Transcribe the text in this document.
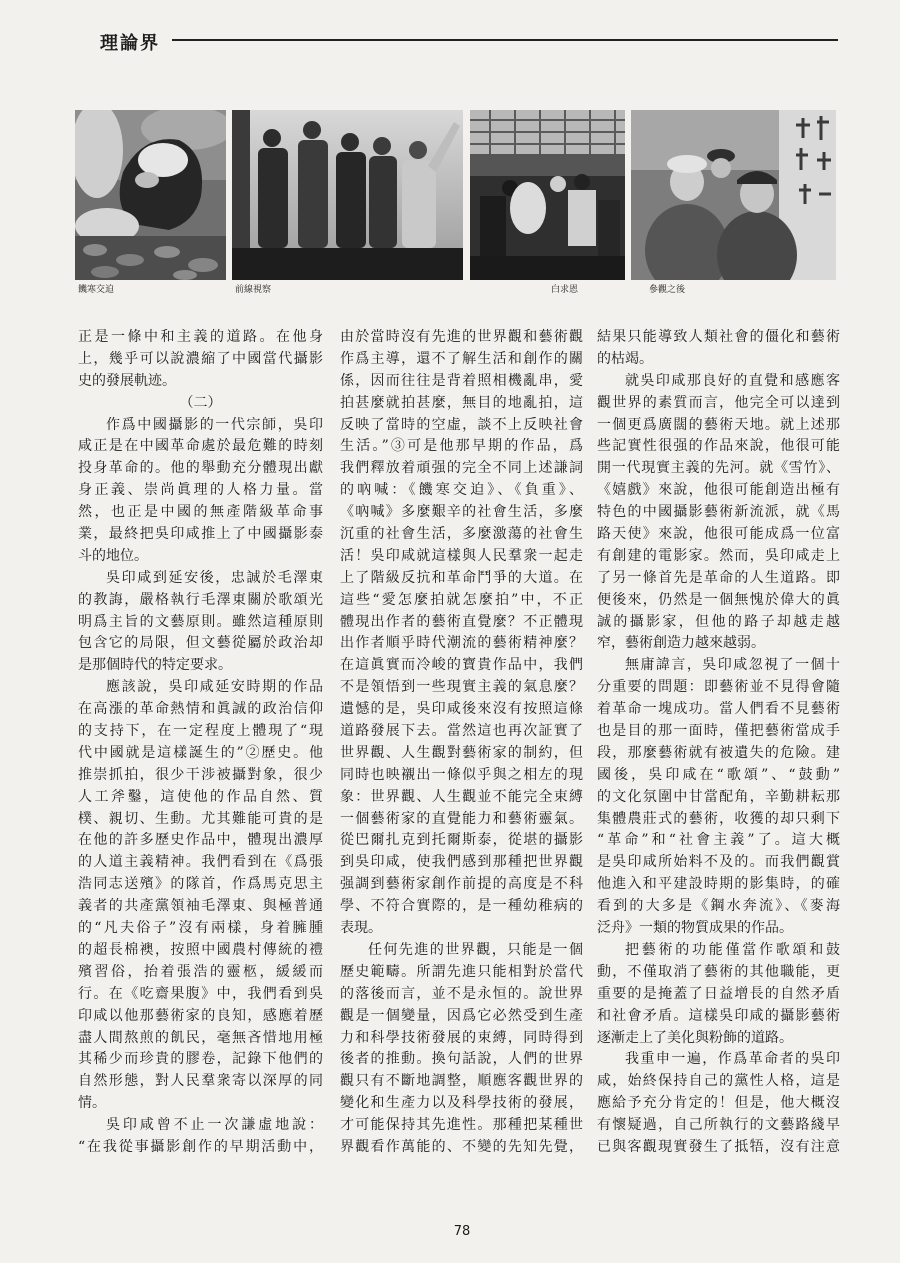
理論界
饑寒交迫	前線視察	白求恩	參觀之後
正是一條中和主義的道路。在他身
上，幾乎可以說濃縮了中國當代攝影
史的發展軌迹。
（二）
作爲中國攝影的一代宗師，吳印
咸正是在中國革命處於最危難的時刻
投身革命的。他的舉動充分體現出獻
身正義、崇尚眞理的人格力量。當
然，也正是中國的無產階級革命事
業，最終把吳印咸推上了中國攝影泰
斗的地位。
吳印咸到延安後，忠誠於毛澤東
的教誨，嚴格執行毛澤東關於歌頌光
明爲主旨的文藝原則。雖然這種原則
包含它的局限，但文藝從屬於政治却
是那個時代的特定要求。
應該說，吳印咸延安時期的作品
在高漲的革命熱情和眞誠的政治信仰
的支持下，在一定程度上體現了“現
代中國就是這樣誕生的”②歷史。他
推崇抓拍，很少干涉被攝對象，很少
人工斧鑿，這使他的作品自然、質
樸、親切、生動。尤其難能可貴的是
在他的許多歷史作品中，體現出濃厚
的人道主義精神。我們看到在《爲張
浩同志送殯》的隊首，作爲馬克思主
義者的共產黨領袖毛澤東、與極普通
的“凡夫俗子”沒有兩樣，身着臃腫
的超長棉襖，按照中國農村傳統的禮
殯習俗，抬着張浩的靈柩，緩緩而
行。在《吃齋果腹》中，我們看到吳
印咸以他那藝術家的良知，感應着歷
盡人間熬煎的飢民，毫無吝惜地用極
其稀少而珍貴的膠卷，記錄下他們的
自然形態，對人民羣衆寄以深厚的同
情。
吳印咸曾不止一次謙虛地說：
“在我從事攝影創作的早期活動中，
由於當時沒有先進的世界觀和藝術觀
作爲主導，還不了解生活和創作的關
係，因而往往是背着照相機亂串，愛
拍甚麼就拍甚麼，無目的地亂拍，這
反映了當時的空虛，談不上反映社會
生活。”③可是他那早期的作品，爲
我們釋放着頑强的完全不同上述謙詞
的吶喊：《饑寒交迫》、《負重》、
《吶喊》多麼艱辛的社會生活，多麼
沉重的社會生活，多麼激蕩的社會生
活！吳印咸就這樣與人民羣衆一起走
上了階級反抗和革命鬥爭的大道。在
這些“愛怎麼拍就怎麼拍”中，不正
體現出作者的藝術直覺麼？不正體現
出作者順乎時代潮流的藝術精神麼？
在這眞實而冷峻的寶貴作品中，我們
不是領悟到一些現實主義的氣息麼？
遺憾的是，吳印咸後來沒有按照這條
道路發展下去。當然這也再次証實了
世界觀、人生觀對藝術家的制約，但
同時也映襯出一條似乎與之相左的現
象：世界觀、人生觀並不能完全束縛
一個藝術家的直覺能力和藝術靈氣。
從巴爾扎克到托爾斯泰，從堪的攝影
到吳印咸，使我們感到那種把世界觀
强調到藝術家創作前提的高度是不科
學、不符合實際的，是一種幼稚病的
表現。
任何先進的世界觀，只能是一個
歷史範疇。所謂先進只能相對於當代
的落後而言，並不是永恒的。說世界
觀是一個變量，因爲它必然受到生產
力和科學技術發展的束縛，同時得到
後者的推動。換句話說，人們的世界
觀只有不斷地調整，順應客觀世界的
變化和生產力以及科學技術的發展，
才可能保持其先進性。那種把某種世
界觀看作萬能的、不變的先知先覺，
結果只能導致人類社會的僵化和藝術
的枯竭。
就吳印咸那良好的直覺和感應客
觀世界的素質而言，他完全可以達到
一個更爲廣闊的藝術天地。就上述那
些記實性很强的作品來說，他很可能
開一代現實主義的先河。就《雪竹》、
《嬉戲》來說，他很可能創造出極有
特色的中國攝影藝術新流派，就《馬
路天使》來說，他很可能成爲一位富
有創建的電影家。然而，吳印咸走上
了另一條首先是革命的人生道路。即
便後來，仍然是一個無愧於偉大的眞
誠的攝影家，但他的路子却越走越
窄，藝術創造力越來越弱。
無庸諱言，吳印咸忽視了一個十
分重要的問題：即藝術並不見得會隨
着革命一塊成功。當人們看不見藝術
也是目的那一面時，僅把藝術當成手
段，那麼藝術就有被遺失的危險。建
國後，吳印咸在“歌頌”、“鼓動”
的文化氛圍中甘當配角，辛勤耕耘那
集體農莊式的藝術，收獲的却只剩下
“革命”和“社會主義”了。這大概
是吳印咸所始料不及的。而我們觀賞
他進入和平建設時期的影集時，的確
看到的大多是《鋼水奔流》、《麥海
泛舟》一類的物質成果的作品。
把藝術的功能僅當作歌頌和鼓
動，不僅取消了藝術的其他職能，更
重要的是掩蓋了日益增長的自然矛盾
和社會矛盾。這樣吳印咸的攝影藝術
逐漸走上了美化與粉飾的道路。
我重申一遍，作爲革命者的吳印
咸，始終保持自己的黨性人格，這是
應給予充分肯定的！但是，他大概沒
有懷疑過，自己所執行的文藝路綫早
已與客觀現實發生了抵牾，沒有注意
78
